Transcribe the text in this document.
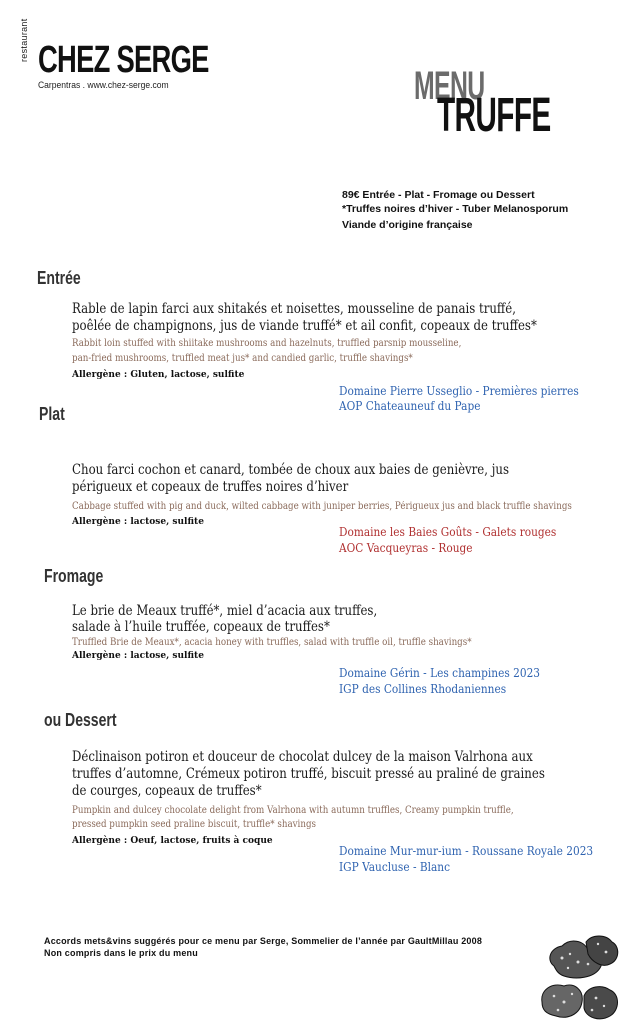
restaurant CHEZ SERGE
Carpentras . www.chez-serge.com	MENU
TRUFFE
89€ Entrée - Plat - Fromage ou Dessert
*Truffes noires d’hiver - Tuber Melanosporum
Viande d’origine française
Entrée
Rable de lapin farci aux shitakés et noisettes, mousseline de panais truffé,
poêlée de champignons, jus de viande truffé* et ail confit, copeaux de truffes*
Rabbit loin stuffed with shiitake mushrooms and hazelnuts, truffled parsnip mousseline,
pan-fried mushrooms, truffled meat jus* and candied garlic, truffle shavings*
Allergène : Gluten, lactose, sulfite
Domaine Pierre Usseglio - Premières pierres
AOP Chateauneuf du Pape
Plat
Chou farci cochon et canard, tombée de choux aux baies de genièvre, jus
périgueux et copeaux de truffes noires d’hiver
Cabbage stuffed with pig and duck, wilted cabbage with juniper berries, Périgueux jus and black truffle shavings
Allergène : lactose, sulfite
Domaine les Baies Goûts - Galets rouges
AOC Vacqueyras - Rouge
Fromage
Le brie de Meaux truffé*, miel d’acacia aux truffes,
salade à l’huile truffée, copeaux de truffes*
Truffled Brie de Meaux*, acacia honey with truffles, salad with truffle oil, truffle shavings*
Allergène : lactose, sulfite
Domaine Gérin - Les champines 2023
IGP des Collines Rhodaniennes
ou Dessert
Déclinaison potiron et douceur de chocolat dulcey de la maison Valrhona aux
truffes d’automne, Crémeux potiron truffé, biscuit pressé au praliné de graines
de courges, copeaux de truffes*
Pumpkin and dulcey chocolate delight from Valrhona with autumn truffles, Creamy pumpkin truffle,
pressed pumpkin seed praline biscuit, truffle* shavings
Allergène : Oeuf, lactose, fruits à coque
Domaine Mur-mur-ium - Roussane Royale 2023
IGP Vaucluse - Blanc
Accords mets&vins suggérés pour ce menu par Serge, Sommelier de l’année par GaultMillau 2008
Non compris dans le prix du menu
